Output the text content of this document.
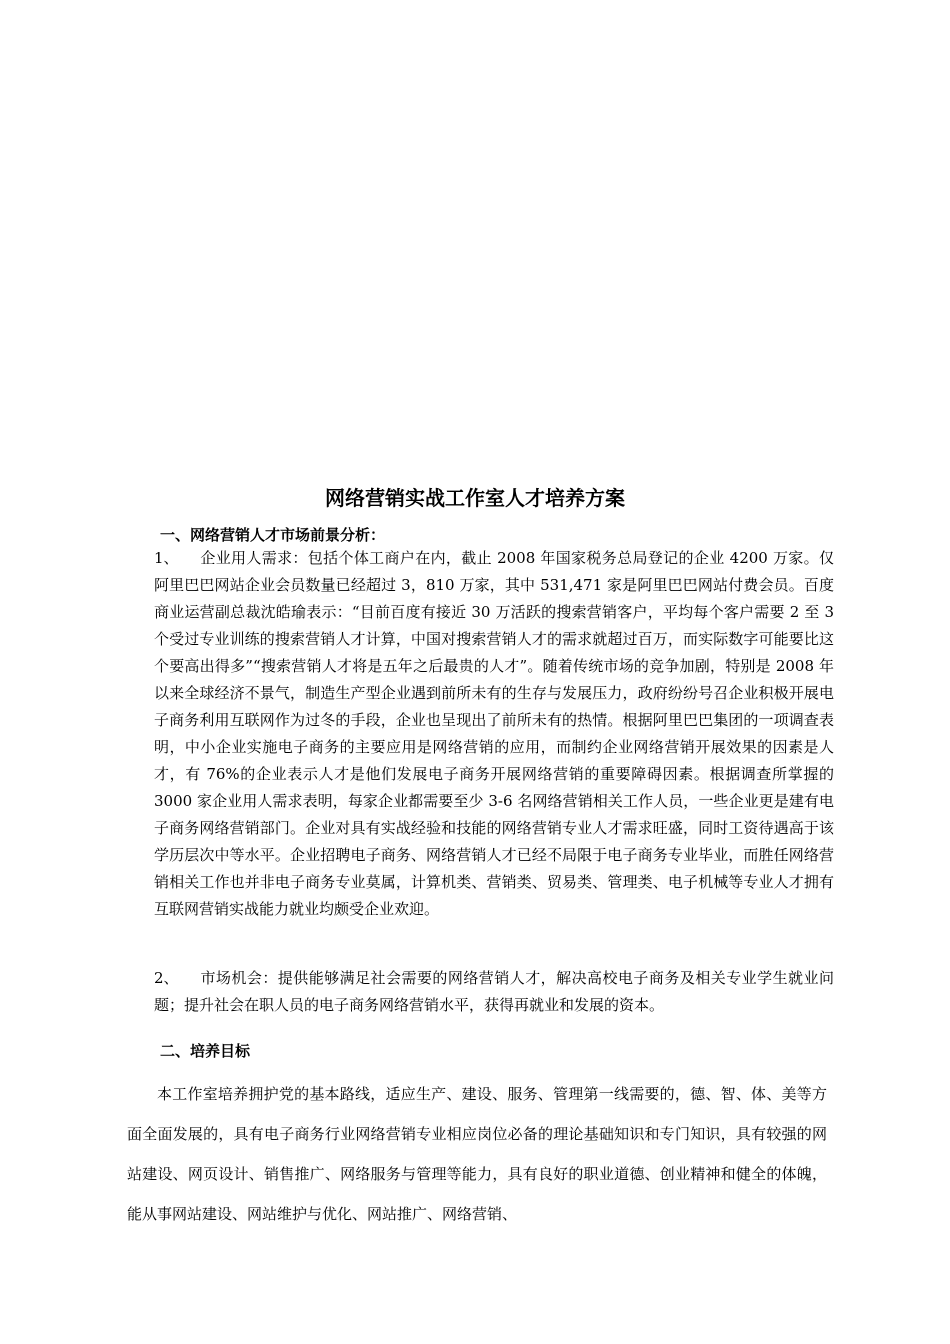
网络营销实战工作室人才培养方案
一、网络营销人才市场前景分析：

1、 企业用人需求：包括个体工商户在内，截止 2008 年国家税务总局登记的企业 4200 万家。仅阿里巴巴网站企业会员数量已经超过 3，810 万家，其中 531,471 家是阿里巴巴网站付费会员。百度商业运营副总裁沈皓瑜表示：“目前百度有接近 30 万活跃的搜索营销客户，平均每个客户需要 2 至 3 个受过专业训练的搜索营销人才计算，中国对搜索营销人才的需求就超过百万，而实际数字可能要比这个要高出得多”“搜索营销人才将是五年之后最贵的人才”。随着传统市场的竞争加剧，特别是 2008 年以来全球经济不景气，制造生产型企业遇到前所未有的生存与发展压力，政府纷纷号召企业积极开展电子商务利用互联网作为过冬的手段，企业也呈现出了前所未有的热情。根据阿里巴巴集团的一项调查表明，中小企业实施电子商务的主要应用是网络营销的应用，而制约企业网络营销开展效果的因素是人才，有 76%的企业表示人才是他们发展电子商务开展网络营销的重要障碍因素。根据调查所掌握的 3000 家企业用人需求表明，每家企业都需要至少 3-6 名网络营销相关工作人员，一些企业更是建有电子商务网络营销部门。企业对具有实战经验和技能的网络营销专业人才需求旺盛，同时工资待遇高于该学历层次中等水平。企业招聘电子商务、网络营销人才已经不局限于电子商务专业毕业，而胜任网络营销相关工作也并非电子商务专业莫属，计算机类、营销类、贸易类、管理类、电子机械等专业人才拥有互联网营销实战能力就业均颇受企业欢迎。

2、 市场机会：提供能够满足社会需要的网络营销人才，解决高校电子商务及相关专业学生就业问题；提升社会在职人员的电子商务网络营销水平，获得再就业和发展的资本。

二、培养目标

本工作室培养拥护党的基本路线，适应生产、建设、服务、管理第一线需要的，德、智、体、美等方面全面发展的，具有电子商务行业网络营销专业相应岗位必备的理论基础知识和专门知识，具有较强的网站建设、网页设计、销售推广、网络服务与管理等能力，具有良好的职业道德、创业精神和健全的体魄，能从事网站建设、网站维护与优化、网站推广、网络营销、
